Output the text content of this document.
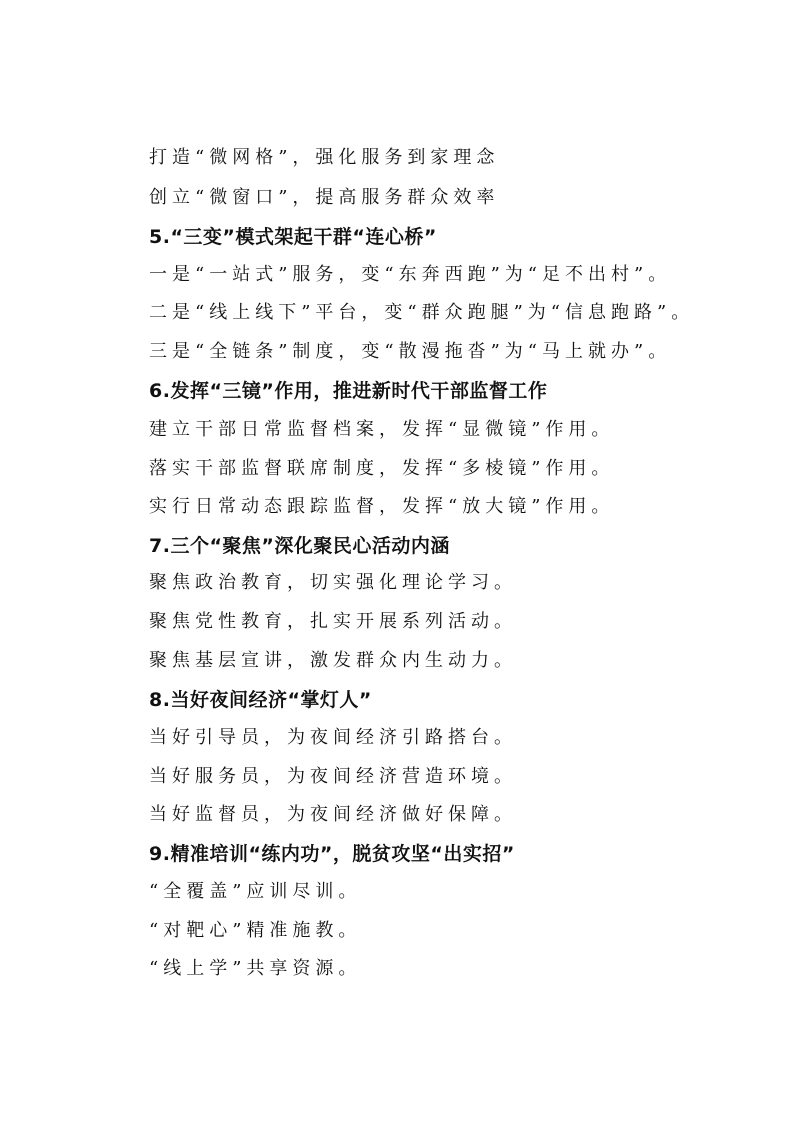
打造“微网格”，强化服务到家理念
创立“微窗口”，提高服务群众效率
5.“三变”模式架起干群“连心桥”
一是“一站式”服务，变“东奔西跑”为“足不出村”。
二是“线上线下”平台，变“群众跑腿”为“信息跑路”。
三是“全链条”制度，变“散漫拖沓”为“马上就办”。
6.发挥“三镜”作用，推进新时代干部监督工作
建立干部日常监督档案，发挥“显微镜”作用。
落实干部监督联席制度，发挥“多棱镜”作用。
实行日常动态跟踪监督，发挥“放大镜”作用。
7.三个“聚焦”深化聚民心活动内涵
聚焦政治教育，切实强化理论学习。
聚焦党性教育，扎实开展系列活动。
聚焦基层宣讲，激发群众内生动力。
8.当好夜间经济“掌灯人”
当好引导员，为夜间经济引路搭台。
当好服务员，为夜间经济营造环境。
当好监督员，为夜间经济做好保障。
9.精准培训“练内功”，脱贫攻坚“出实招”
“全覆盖”应训尽训。
“对靶心”精准施教。
“线上学”共享资源。
